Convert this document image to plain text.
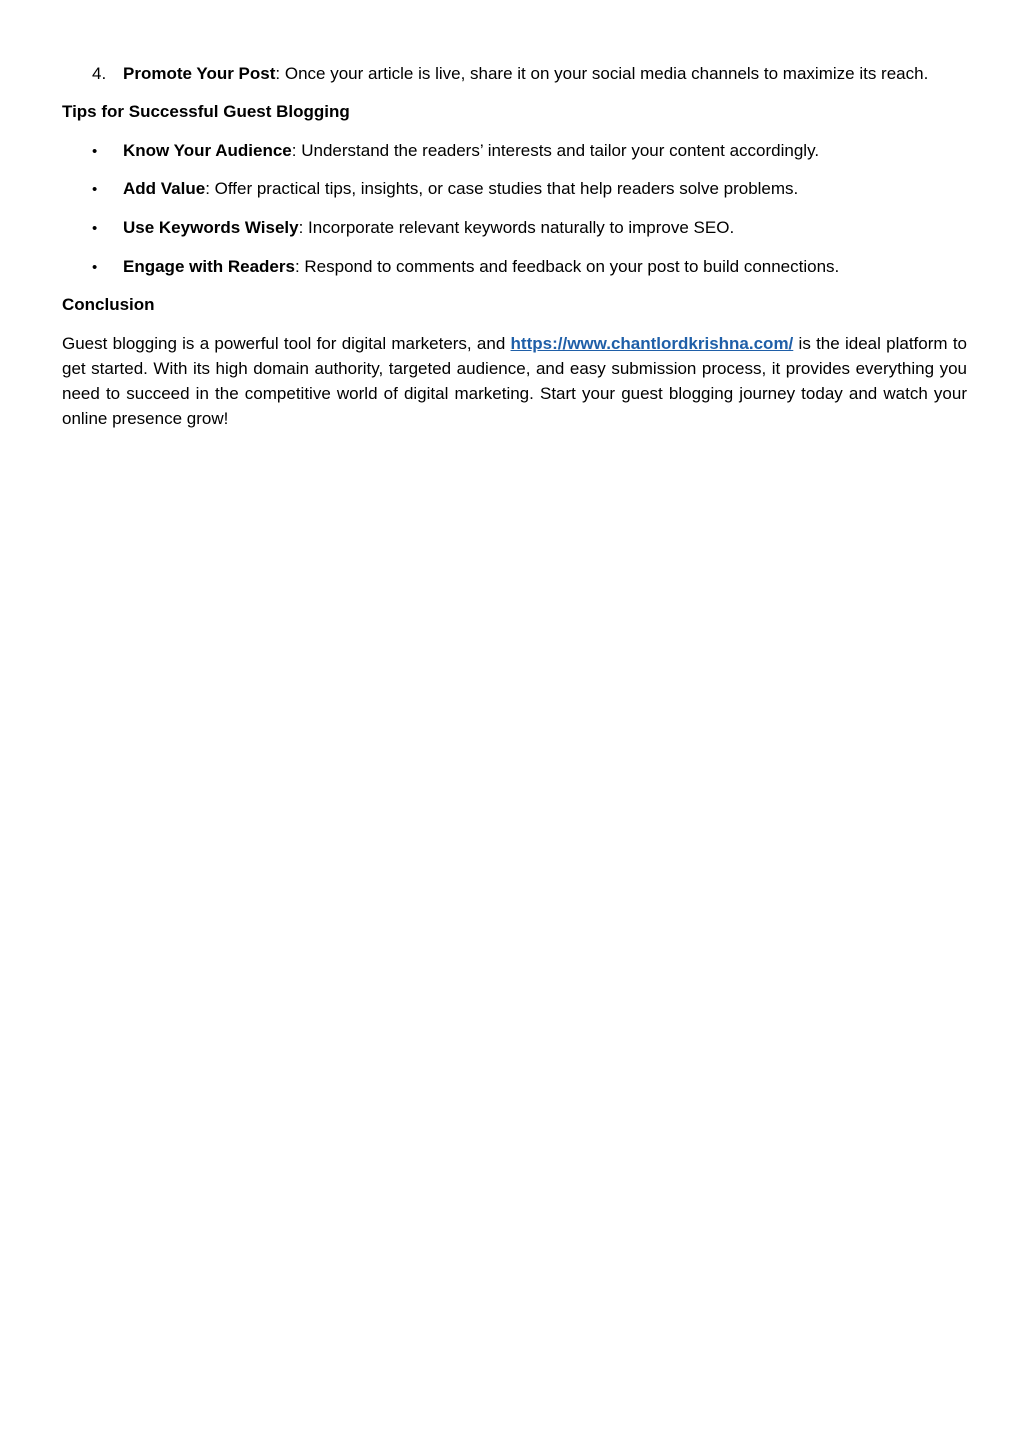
4. Promote Your Post: Once your article is live, share it on your social media channels to maximize its reach.
Tips for Successful Guest Blogging
• Know Your Audience: Understand the readers’ interests and tailor your content accordingly.
• Add Value: Offer practical tips, insights, or case studies that help readers solve problems.
• Use Keywords Wisely: Incorporate relevant keywords naturally to improve SEO.
• Engage with Readers: Respond to comments and feedback on your post to build connections.
Conclusion

Guest blogging is a powerful tool for digital marketers, and https://www.chantlordkrishna.com/ is the ideal platform to get started. With its high domain authority, targeted audience, and easy submission process, it provides everything you need to succeed in the competitive world of digital marketing. Start your guest blogging journey today and watch your online presence grow!
